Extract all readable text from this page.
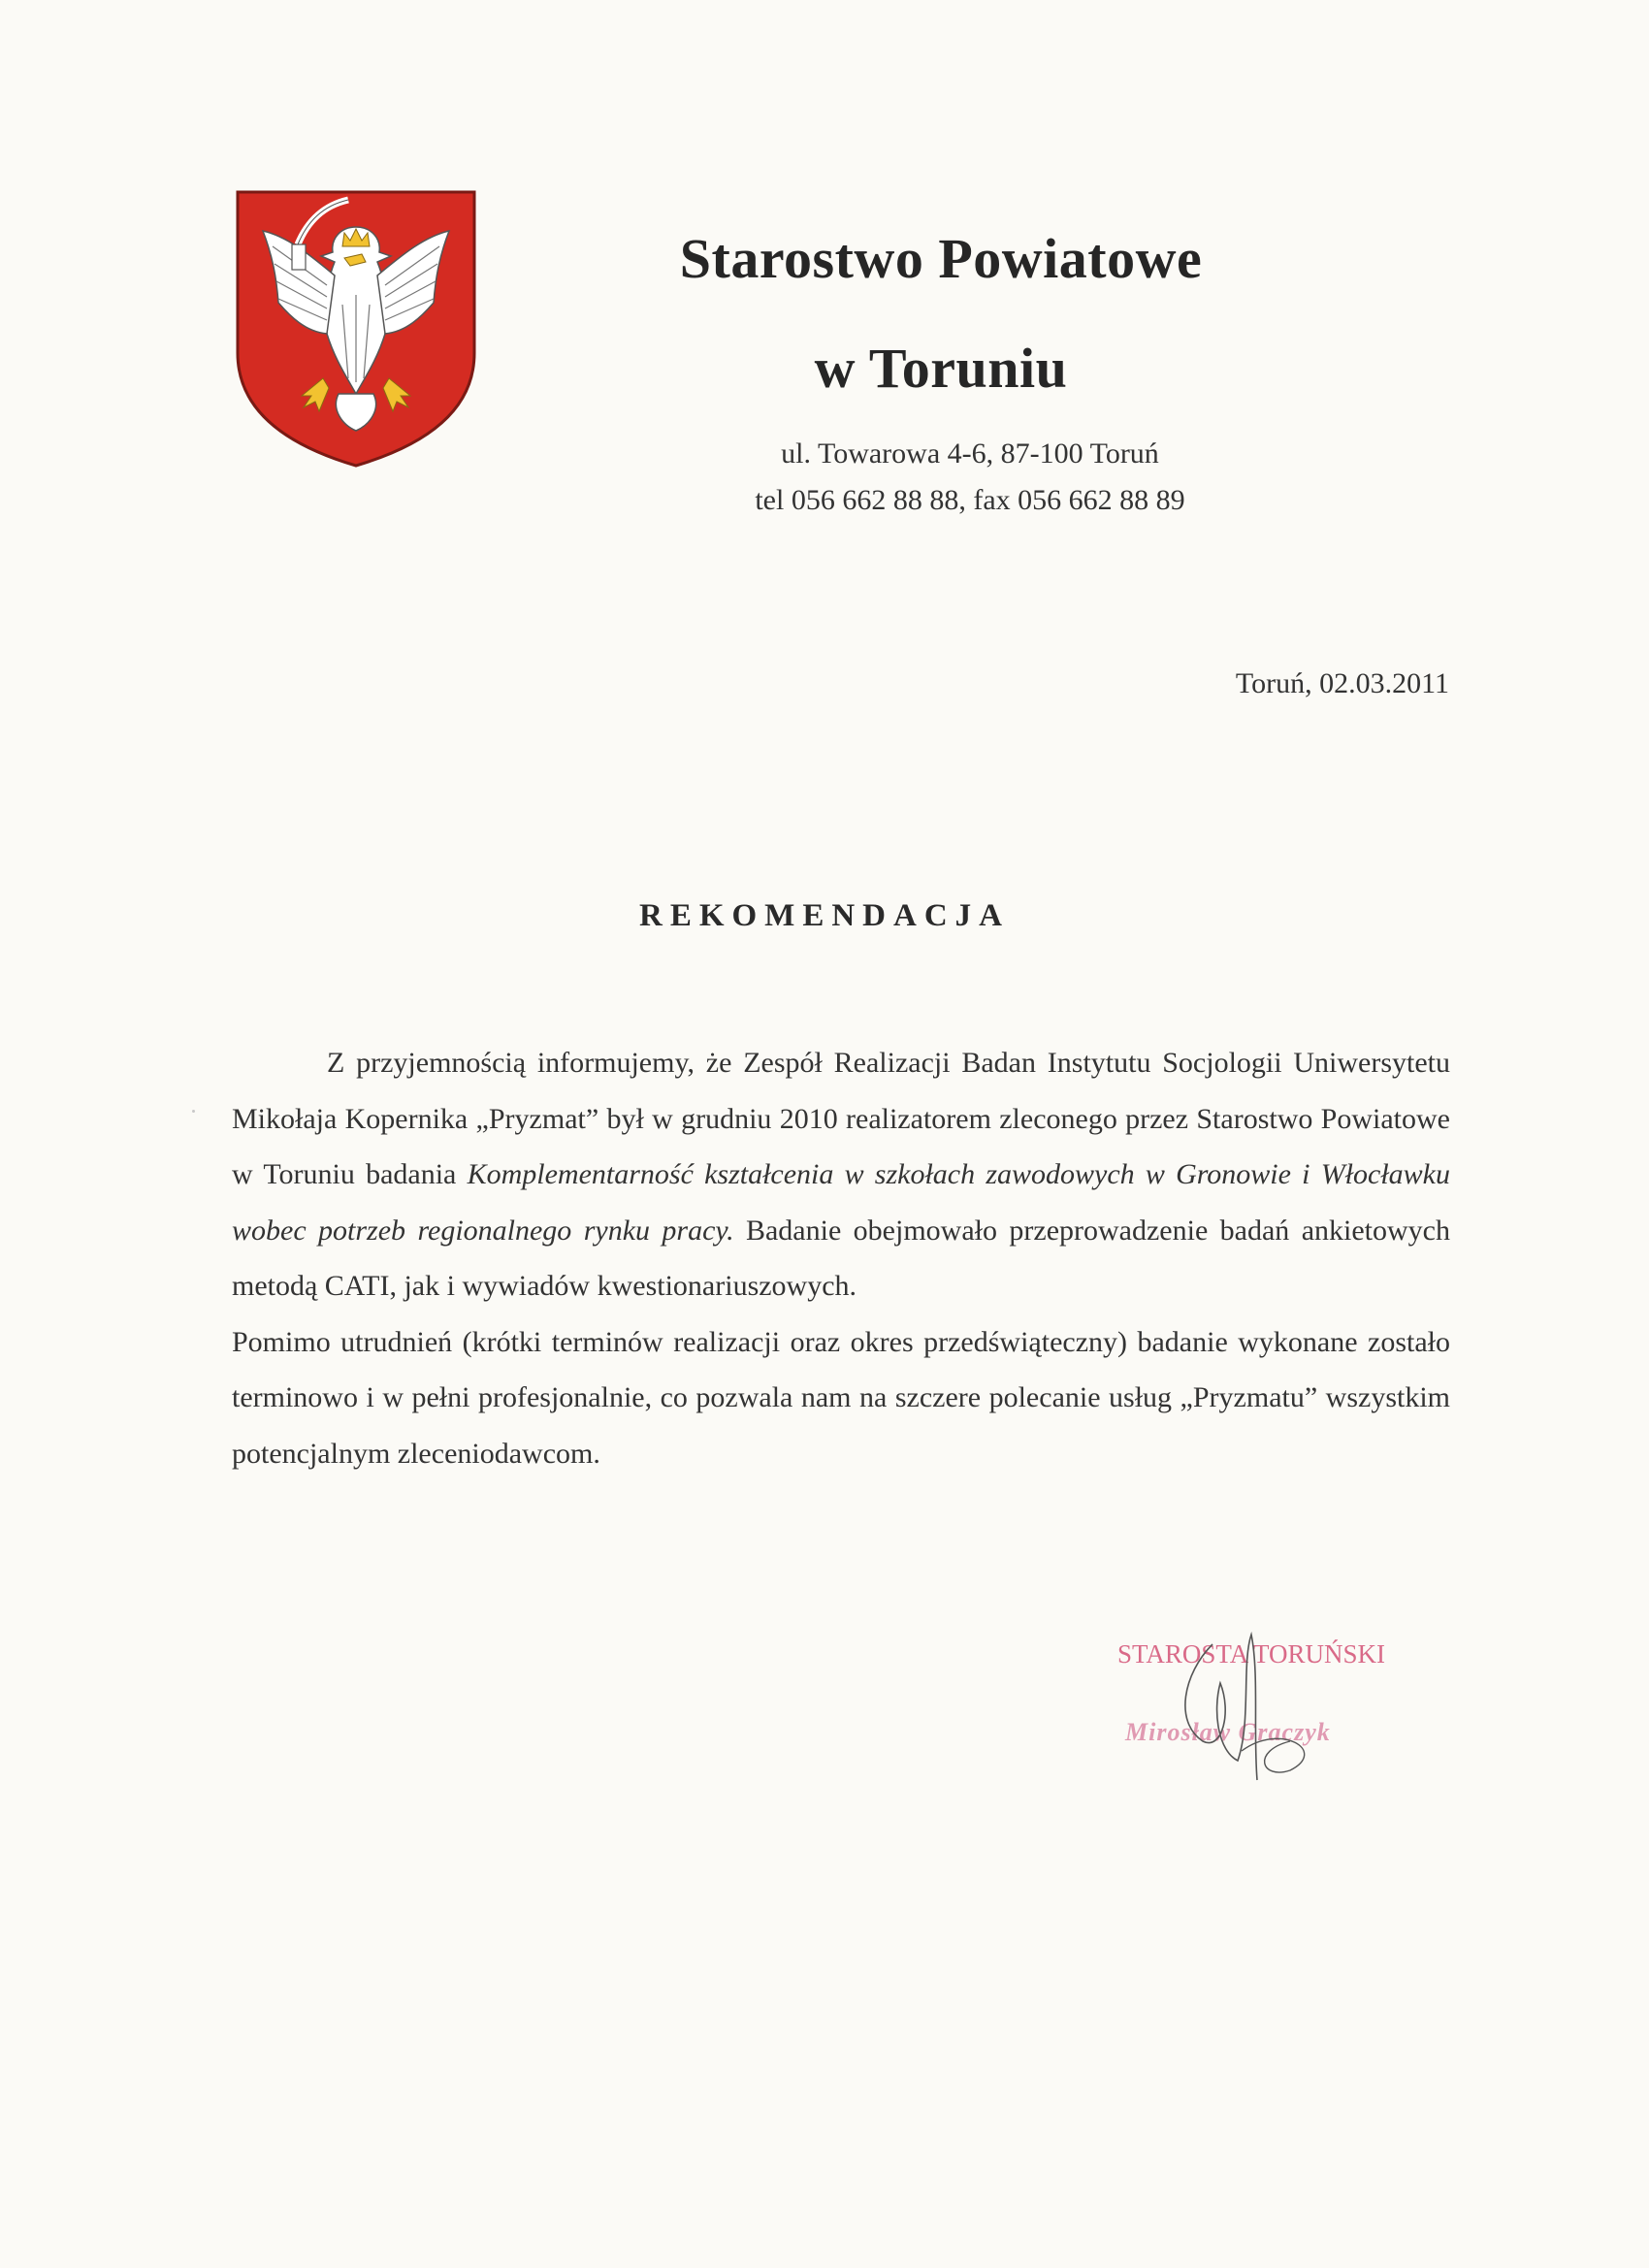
Starostwo Powiatowe
w Toruniu
ul. Towarowa 4-6, 87-100 Toruń
tel 056 662 88 88, fax 056 662 88 89
Toruń, 02.03.2011
REKOMENDACJA

Z przyjemnością informujemy, że Zespół Realizacji Badan Instytutu Socjologii Uniwersytetu Mikołaja Kopernika „Pryzmat” był w grudniu 2010 realizatorem zleconego przez Starostwo Powiatowe w Toruniu badania Komplementarność kształcenia w szkołach zawodowych w Gronowie i Włocławku wobec potrzeb regionalnego rynku pracy. Badanie obejmowało przeprowadzenie badań ankietowych metodą CATI, jak i wywiadów kwestionariuszowych.

Pomimo utrudnień (krótki terminów realizacji oraz okres przedświąteczny) badanie wykonane zostało terminowo i w pełni profesjonalnie, co pozwala nam na szczere polecanie usług „Pryzmatu” wszystkim potencjalnym zleceniodawcom.

STAROSTA TORUŃSKI
Mirosław Graczyk
